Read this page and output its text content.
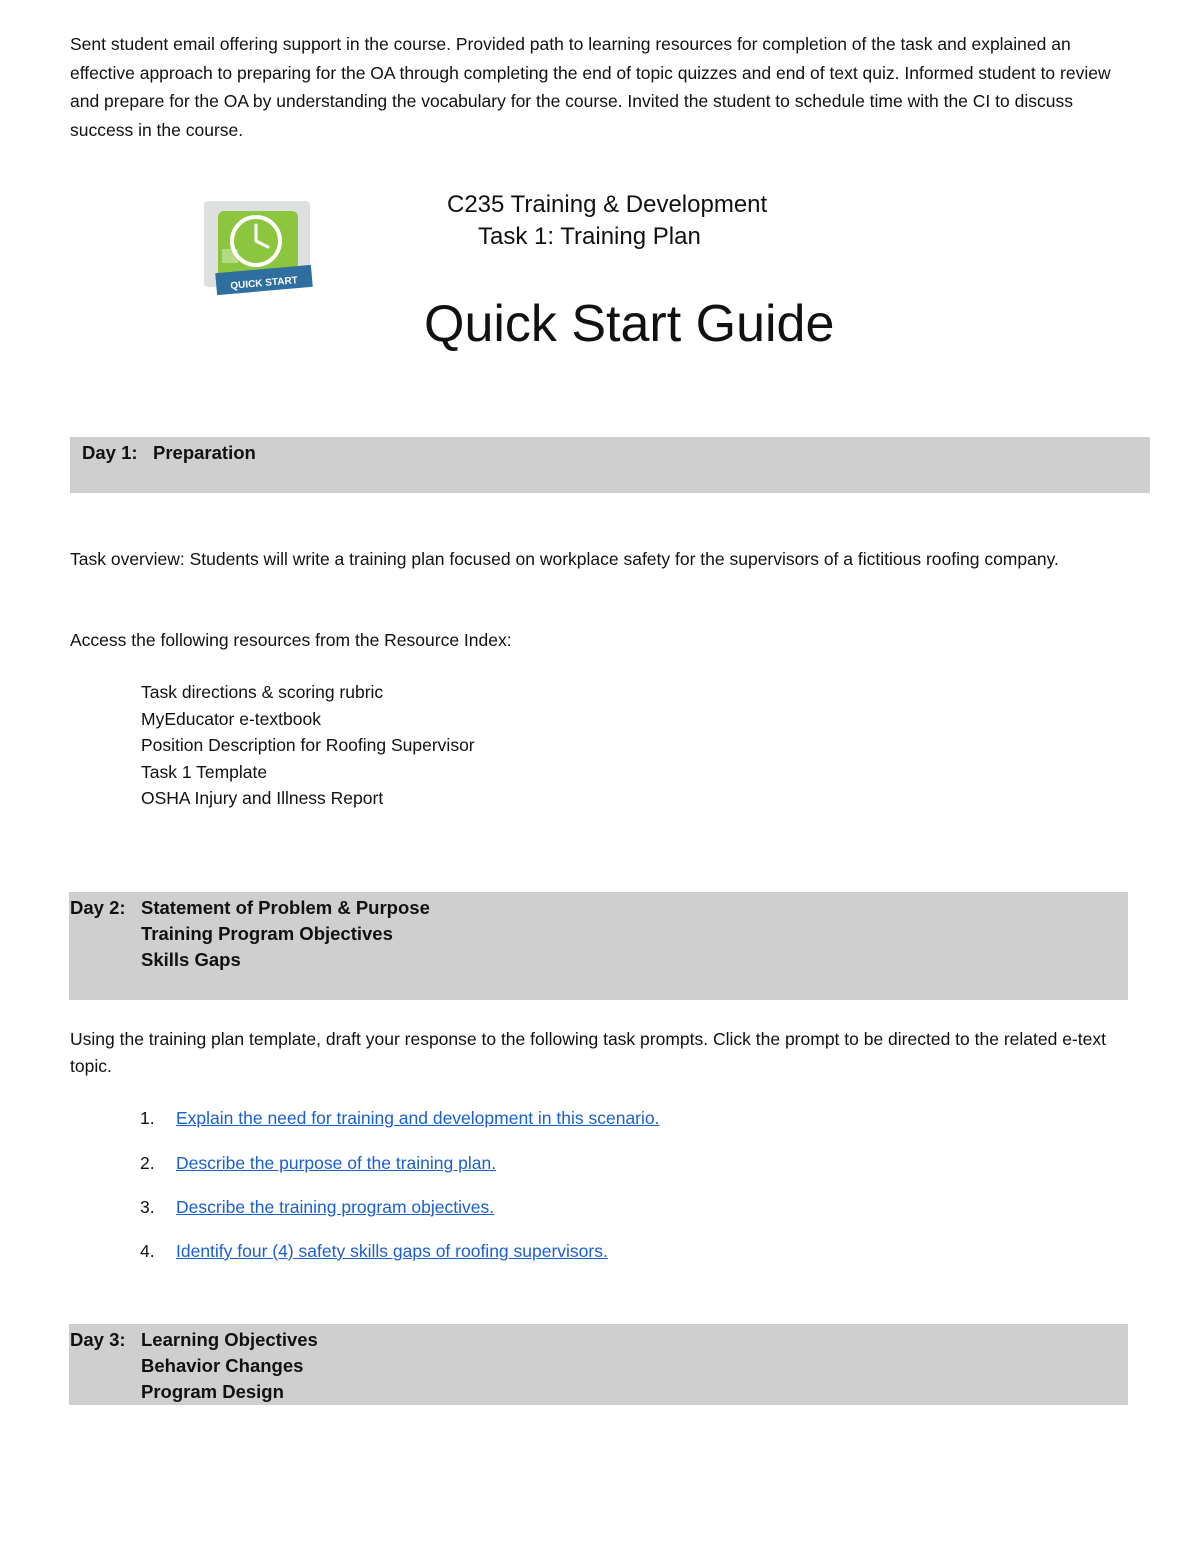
Sent student email offering support in the course. Provided path to learning resources for completion of the task and explained an effective approach to preparing for the OA through completing the end of topic quizzes and end of text quiz. Informed student to review and prepare for the OA by understanding the vocabulary for the course. Invited the student to schedule time with the CI to discuss success in the course.

QUICK START
C235 Training & Development
Task 1: Training Plan
Quick Start Guide
Day 1: Preparation

Task overview: Students will write a training plan focused on workplace safety for the supervisors of a fictitious roofing company.

Access the following resources from the Resource Index:

Task directions & scoring rubric
MyEducator e-textbook
Position Description for Roofing Supervisor
Task 1 Template
OSHA Injury and Illness Report
Day 2: Statement of Problem & Purpose
Training Program Objectives
Skills Gaps

Using the training plan template, draft your response to the following task prompts. Click the prompt to be directed to the related e-text topic.

1. Explain the need for training and development in this scenario.
2. Describe the purpose of the training plan.
3. Describe the training program objectives.
4. Identify four (4) safety skills gaps of roofing supervisors.
Day 3: Learning Objectives
Behavior Changes
Program Design
